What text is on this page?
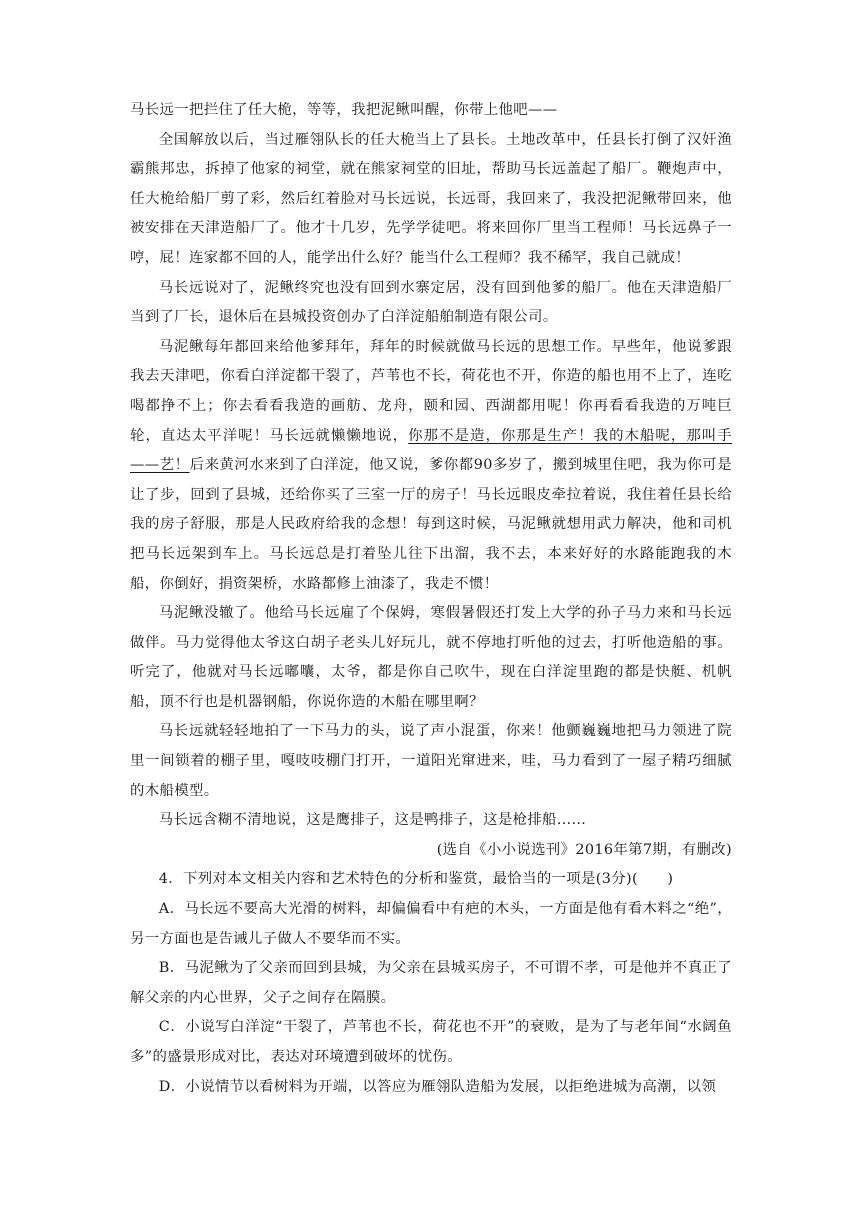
马长远一把拦住了任大桅，等等，我把泥鳅叫醒，你带上他吧——

全国解放以后，当过雁翎队长的任大桅当上了县长。土地改革中，任县长打倒了汉奸渔霸熊邦忠，拆掉了他家的祠堂，就在熊家祠堂的旧址，帮助马长远盖起了船厂。鞭炮声中，任大桅给船厂剪了彩，然后红着脸对马长远说，长远哥，我回来了，我没把泥鳅带回来，他被安排在天津造船厂了。他才十几岁，先学学徒吧。将来回你厂里当工程师！马长远鼻子一哼，屁！连家都不回的人，能学出什么好？能当什么工程师？我不稀罕，我自己就成！

马长远说对了，泥鳅终究也没有回到水寨定居，没有回到他爹的船厂。他在天津造船厂当到了厂长，退休后在县城投资创办了白洋淀船舶制造有限公司。

马泥鳅每年都回来给他爹拜年，拜年的时候就做马长远的思想工作。早些年，他说爹跟我去天津吧，你看白洋淀都干裂了，芦苇也不长，荷花也不开，你造的船也用不上了，连吃喝都挣不上；你去看看我造的画舫、龙舟，颐和园、西湖都用呢！你再看看我造的万吨巨轮，直达太平洋呢！马长远就懒懒地说，你那不是造，你那是生产！我的木船呢，那叫手——艺！后来黄河水来到了白洋淀，他又说，爹你都90多岁了，搬到城里住吧，我为你可是让了步，回到了县城，还给你买了三室一厅的房子！马长远眼皮牵拉着说，我住着任县长给我的房子舒服，那是人民政府给我的念想！每到这时候，马泥鳅就想用武力解决，他和司机把马长远架到车上。马长远总是打着坠儿往下出溜，我不去，本来好好的水路能跑我的木船，你倒好，捐资架桥，水路都修上油漆了，我走不惯！

马泥鳅没辙了。他给马长远雇了个保姆，寒假暑假还打发上大学的孙子马力来和马长远做伴。马力觉得他太爷这白胡子老头儿好玩儿，就不停地打听他的过去，打听他造船的事。听完了，他就对马长远嘟囔，太爷，都是你自己吹牛，现在白洋淀里跑的都是快艇、机帆船，顶不行也是机器钢船，你说你造的木船在哪里啊？

马长远就轻轻地拍了一下马力的头，说了声小混蛋，你来！他颤巍巍地把马力领进了院里一间锁着的棚子里，嘎吱吱棚门打开，一道阳光窜进来，哇，马力看到了一屋子精巧细腻的木船模型。

马长远含糊不清地说，这是鹰排子，这是鸭排子，这是枪排船……

(选自《小小说选刊》2016年第7期，有删改)

4．下列对本文相关内容和艺术特色的分析和鉴赏，最恰当的一项是(3分)(　　)

A．马长远不要高大光滑的树料，却偏偏看中有疤的木头，一方面是他有看木料之“绝”，另一方面也是告诫儿子做人不要华而不实。

B．马泥鳅为了父亲而回到县城，为父亲在县城买房子，不可谓不孝，可是他并不真正了解父亲的内心世界，父子之间存在隔膜。

C．小说写白洋淀“干裂了，芦苇也不长，荷花也不开”的衰败，是为了与老年间“水阔鱼多”的盛景形成对比，表达对环境遭到破坏的忧伤。

D．小说情节以看树料为开端，以答应为雁翎队造船为发展，以拒绝进城为高潮，以领
